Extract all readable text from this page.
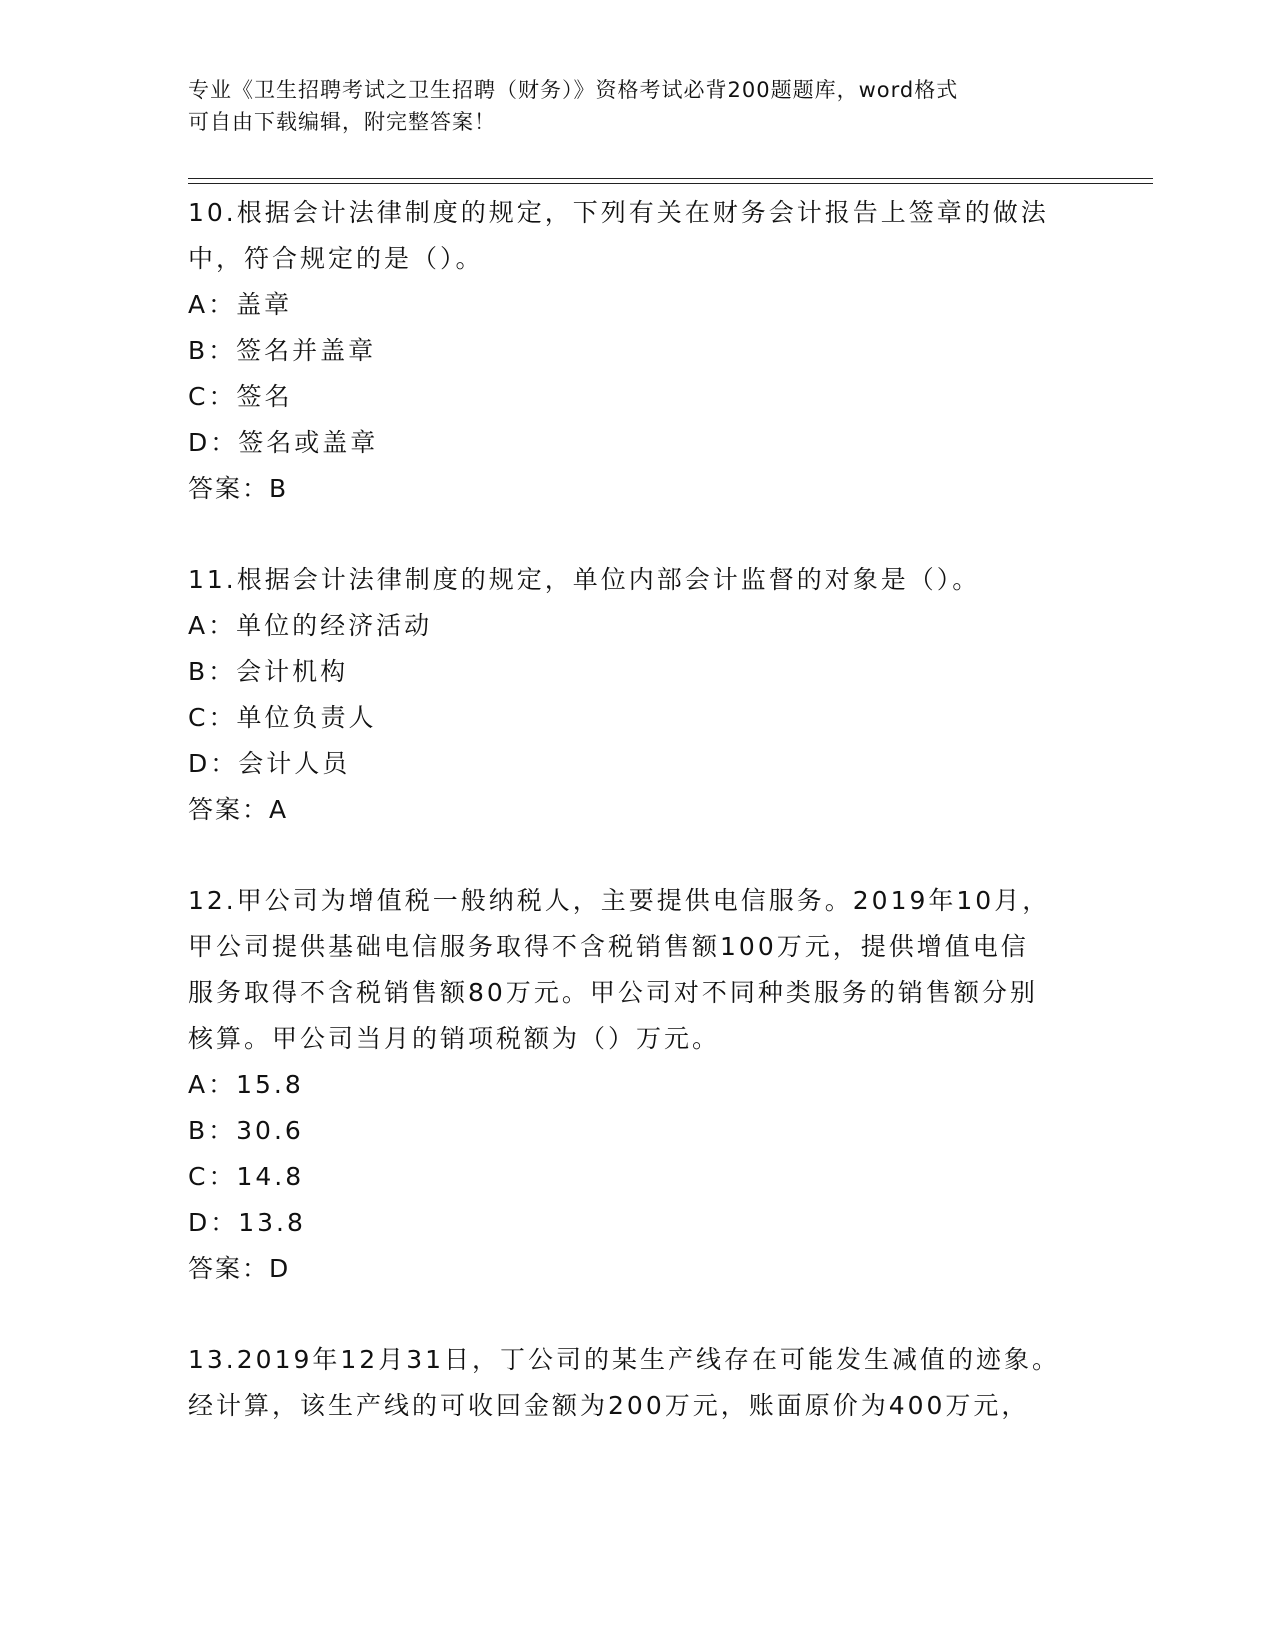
专业《卫生招聘考试之卫生招聘（财务）》资格考试必背200题题库，word格式
可自由下载编辑，附完整答案！
10.根据会计法律制度的规定，下列有关在财务会计报告上签章的做法
中，符合规定的是（）。
A：盖章
B：签名并盖章
C：签名
D：签名或盖章
答案：B
11.根据会计法律制度的规定，单位内部会计监督的对象是（）。
A：单位的经济活动
B：会计机构
C：单位负责人
D：会计人员
答案：A
12.甲公司为增值税一般纳税人，主要提供电信服务。2019年10月，
甲公司提供基础电信服务取得不含税销售额100万元，提供增值电信
服务取得不含税销售额80万元。甲公司对不同种类服务的销售额分别
核算。甲公司当月的销项税额为（）万元。
A：15.8
B：30.6
C：14.8
D：13.8
答案：D
13.2019年12月31日，丁公司的某生产线存在可能发生减值的迹象。
经计算，该生产线的可收回金额为200万元，账面原价为400万元，
